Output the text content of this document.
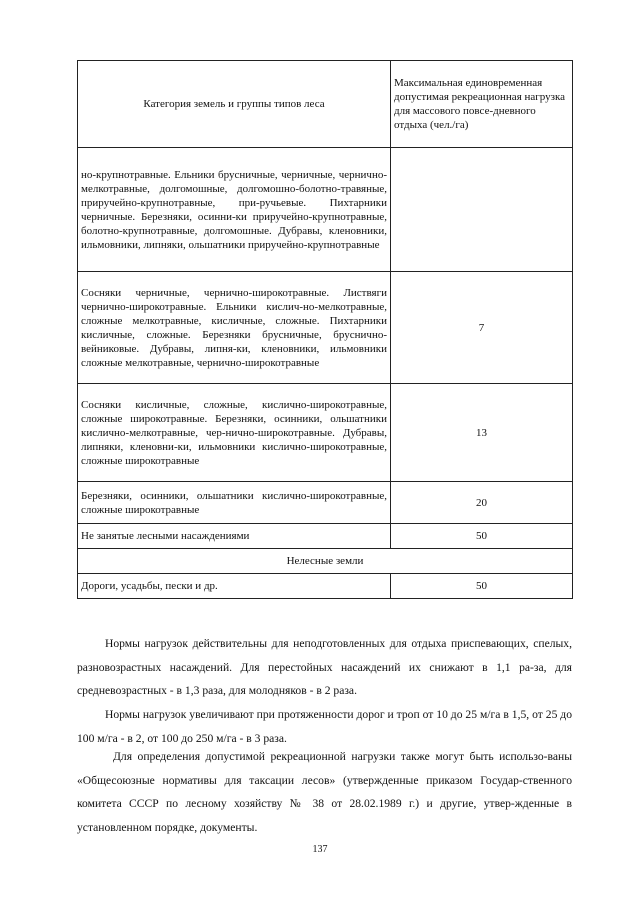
Категория земель и группы типов леса	Максимальная единовременная допустимая рекреационная нагрузка для массового повсе-дневного отдыха (чел./га)
но-крупнотравные. Ельники брусничные, черничные, чернично-мелкотравные, долгомошные, долгомошно-болотно-травяные, приручейно-крупнотравные, при-ручьевые. Пихтарники черничные. Березняки, осинни-ки приручейно-крупнотравные, болотно-крупнотравные, долгомошные. Дубравы, кленовники, ильмовники, липняки, ольшатники приручейно-крупнотравные	
Сосняки черничные, чернично-широкотравные. Листвяги чернично-широкотравные. Ельники кислич-но-мелкотравные, сложные мелкотравные, кисличные, сложные. Пихтарники кисличные, сложные. Березняки брусничные, бруснично-вейниковые. Дубравы, липня-ки, кленовники, ильмовники сложные мелкотравные, чернично-широкотравные	7
Сосняки кисличные, сложные, кислично-широкотравные, сложные широкотравные. Березняки, осинники, ольшатники кислично-мелкотравные, чер-нично-широкотравные. Дубравы, липняки, кленовни-ки, ильмовники кислично-широкотравные, сложные широкотравные	13
Березняки, осинники, ольшатники кислично-широкотравные, сложные широкотравные	20
Не занятые лесными насаждениями	50
Нелесные земли	
Дороги, усадьбы, пески и др.	50

Нормы нагрузок действительны для неподготовленных для отдыха приспевающих, спелых, разновозрастных насаждений. Для перестойных насаждений их снижают в 1,1 ра-за, для средневозрастных - в 1,3 раза, для молодняков - в 2 раза.

Нормы нагрузок увеличивают при протяженности дорог и троп от 10 до 25 м/га в 1,5, от 25 до 100 м/га - в 2, от 100 до 250 м/га - в 3 раза.

Для определения допустимой рекреационной нагрузки также могут быть использо-ваны «Общесоюзные нормативы для таксации лесов» (утвержденные приказом Государ-ственного комитета СССР по лесному хозяйству № 38 от 28.02.1989 г.) и другие, утвер-жденные в установленном порядке, документы.

137
